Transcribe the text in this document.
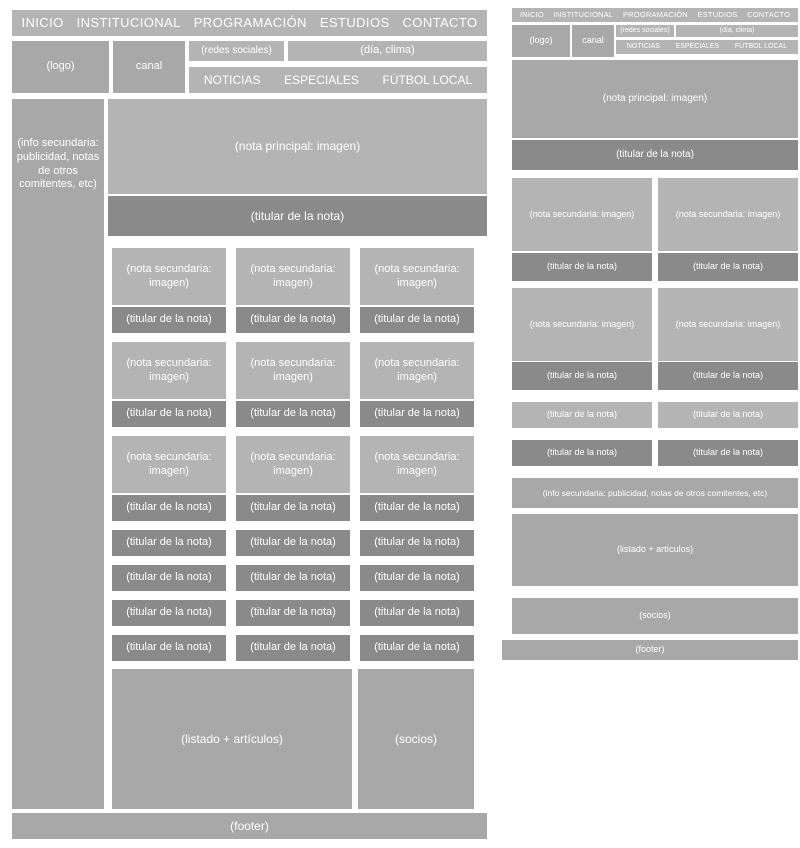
INICIO INSTITUCIONAL PROGRAMACIÓN ESTUDIOS CONTACTO
(logo)	canal
(redes sociales)	(día, clima)
NOTICIAS ESPECIALES FÚTBOL LOCAL
(info secundaria: publicidad, notas de otros comitentes, etc)
(nota principal: imagen)
(titular de la nota)
(nota secundaria: imagen)
(nota secundaria: imagen)
(nota secundaria: imagen)
(titular de la nota)	(titular de la nota)	(titular de la nota)
(nota secundaria: imagen)
(nota secundaria: imagen)
(nota secundaria: imagen)
(titular de la nota)	(titular de la nota)	(titular de la nota)
(nota secundaria: imagen)
(nota secundaria: imagen)
(nota secundaria: imagen)
(titular de la nota)	(titular de la nota)	(titular de la nota)
(titular de la nota)	(titular de la nota)	(titular de la nota)
(titular de la nota)	(titular de la nota)	(titular de la nota)
(titular de la nota)	(titular de la nota)	(titular de la nota)
(titular de la nota)	(titular de la nota)	(titular de la nota)
(listado + artículos)	(socios)
(footer)
INICIO INSTITUCIONAL PROGRAMACIÓN ESTUDIOS CONTACTO
(logo)	canal
(redes sociales)	(día, clima)
NOTICIAS ESPECIALES FÚTBOL LOCAL
(nota principal: imagen)
(titular de la nota)
(nota secundaria: imagen)	(nota secundaria: imagen)
(titular de la nota)	(titular de la nota)
(nota secundaria: imagen)	(nota secundaria: imagen)
(titular de la nota)	(titular de la nota)
(titular de la nota)	(titular de la nota)
(titular de la nota)	(titular de la nota)
(info secundaria: publicidad, notas de otros comitentes, etc)
(listado + artículos)
(socios)
(footer)
